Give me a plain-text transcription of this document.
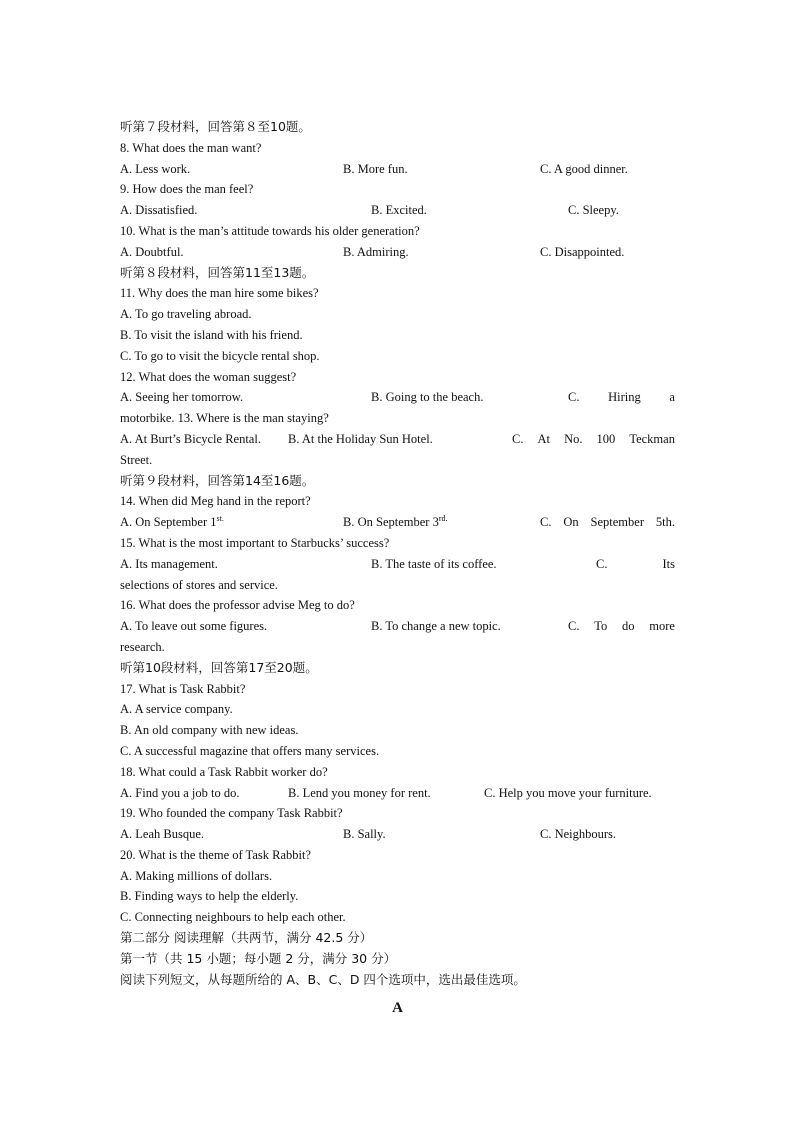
听第７段材料，回答第８至10题。
8. What does the man want?
A. Less work.	B. More fun.	C. A good dinner.
9. How does the man feel?
A. Dissatisfied.	B. Excited.	C. Sleepy.
10. What is the man’s attitude towards his older generation?
A. Doubtful.	B. Admiring.	C. Disappointed.
听第８段材料，回答第11至13题。
11. Why does the man hire some bikes?
A. To go traveling abroad.
B. To visit the island with his friend.
C. To go to visit the bicycle rental shop.
12. What does the woman suggest?
A. Seeing her tomorrow.	B. Going to the beach.	C. Hiring a
motorbike. 13. Where is the man staying?
A. At Burt’s Bicycle Rental. B. At the Holiday Sun Hotel.	C. At No. 100 Teckman
Street.
听第９段材料，回答第14至16题。
14. When did Meg hand in the report?
A. On September $1^{st.}$	B. On September $3^{rd.}$	C. On September 5th.
15. What is the most important to Starbucks’ success?
A. Its management.	B. The taste of its coffee.	C.	Its
selections of stores and service.
16. What does the professor advise Meg to do?
A. To leave out some figures.	B. To change a new topic.	C. To do more
research.
听第10段材料，回答第17至20题。
17. What is Task Rabbit?
A. A service company.
B. An old company with new ideas.
C. A successful magazine that offers many services.
18. What could a Task Rabbit worker do?
A. Find you a job to do.	B. Lend you money for rent.	C. Help you move your furniture.
19. Who founded the company Task Rabbit?
A. Leah Busque.	B. Sally.	C. Neighbours.
20. What is the theme of Task Rabbit?
A. Making millions of dollars.
B. Finding ways to help the elderly.
C. Connecting neighbours to help each other.
第二部分 阅读理解（共两节，满分 42.5 分）
第一节（共 15 小题；每小题 2 分，满分 30 分）
阅读下列短文，从每题所给的 A、B、C、D 四个选项中，选出最佳选项。
A
